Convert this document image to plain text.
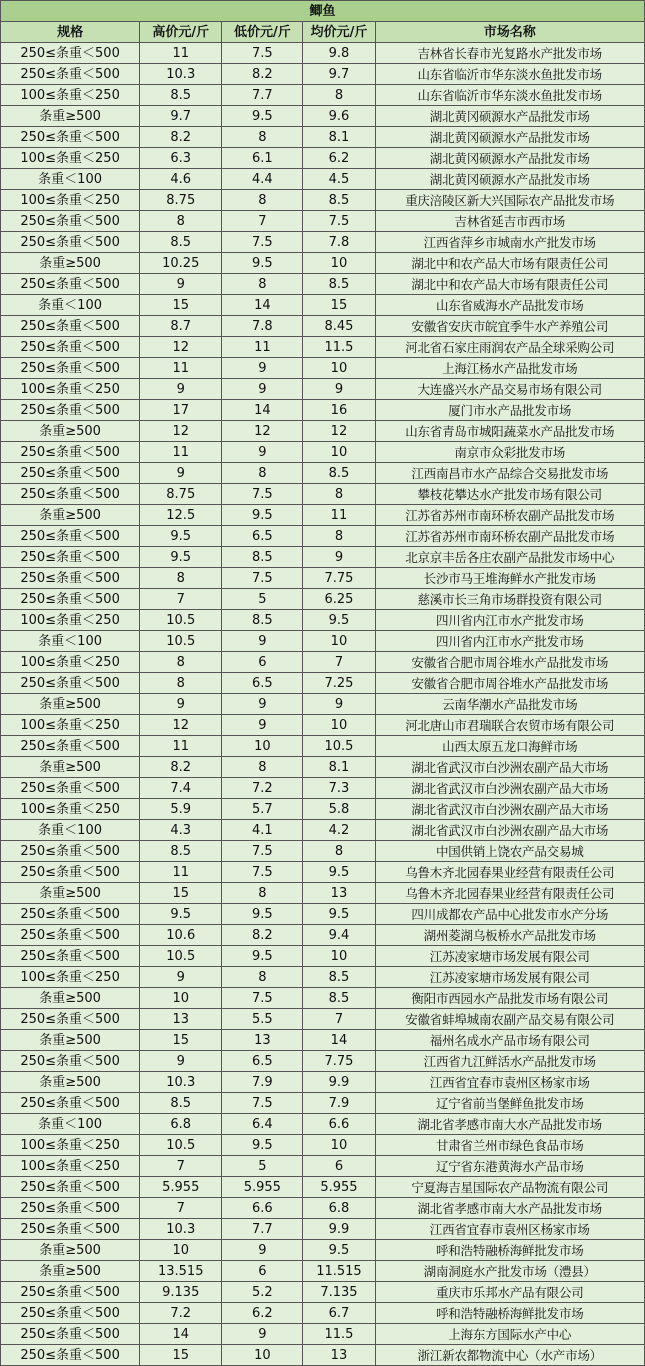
鲫鱼				
规格	高价元/斤	低价元/斤	均价元/斤	市场名称
250≤条重＜500	11	7.5	9.8	吉林省长春市光复路水产批发市场
250≤条重＜500	10.3	8.2	9.7	山东省临沂市华东淡水鱼批发市场
100≤条重＜250	8.5	7.7	8	山东省临沂市华东淡水鱼批发市场
条重≥500	9.7	9.5	9.6	湖北黄冈硕源水产品批发市场
250≤条重＜500	8.2	8	8.1	湖北黄冈硕源水产品批发市场
100≤条重＜250	6.3	6.1	6.2	湖北黄冈硕源水产品批发市场
条重＜100	4.6	4.4	4.5	湖北黄冈硕源水产品批发市场
100≤条重＜250	8.75	8	8.5	重庆涪陵区新大兴国际农产品批发市场
250≤条重＜500	8	7	7.5	吉林省延吉市西市场
250≤条重＜500	8.5	7.5	7.8	江西省萍乡市城南水产批发市场
条重≥500	10.25	9.5	10	湖北中和农产品大市场有限责任公司
250≤条重＜500	9	8	8.5	湖北中和农产品大市场有限责任公司
条重＜100	15	14	15	山东省威海水产品批发市场
250≤条重＜500	8.7	7.8	8.45	安徽省安庆市皖宜季牛水产养殖公司
250≤条重＜500	12	11	11.5	河北省石家庄雨润农产品全球采购公司
250≤条重＜500	11	9	10	上海江杨水产品批发市场
100≤条重＜250	9	9	9	大连盛兴水产品交易市场有限公司
250≤条重＜500	17	14	16	厦门市水产品批发市场
条重≥500	12	12	12	山东省青岛市城阳蔬菜水产品批发市场
250≤条重＜500	11	9	10	南京市众彩批发市场
250≤条重＜500	9	8	8.5	江西南昌市水产品综合交易批发市场
250≤条重＜500	8.75	7.5	8	攀枝花攀达水产批发市场有限公司
条重≥500	12.5	9.5	11	江苏省苏州市南环桥农副产品批发市场
250≤条重＜500	9.5	6.5	8	江苏省苏州市南环桥农副产品批发市场
250≤条重＜500	9.5	8.5	9	北京京丰岳各庄农副产品批发市场中心
250≤条重＜500	8	7.5	7.75	长沙市马王堆海鲜水产批发市场
250≤条重＜500	7	5	6.25	慈溪市长三角市场群投资有限公司
100≤条重＜250	10.5	8.5	9.5	四川省内江市水产批发市场
条重＜100	10.5	9	10	四川省内江市水产批发市场
100≤条重＜250	8	6	7	安徽省合肥市周谷堆水产品批发市场
250≤条重＜500	8	6.5	7.25	安徽省合肥市周谷堆水产品批发市场
条重≥500	9	9	9	云南华潮水产品批发市场
100≤条重＜250	12	9	10	河北唐山市君瑞联合农贸市场有限公司
250≤条重＜500	11	10	10.5	山西太原五龙口海鲜市场
条重≥500	8.2	8	8.1	湖北省武汉市白沙洲农副产品大市场
250≤条重＜500	7.4	7.2	7.3	湖北省武汉市白沙洲农副产品大市场
100≤条重＜250	5.9	5.7	5.8	湖北省武汉市白沙洲农副产品大市场
条重＜100	4.3	4.1	4.2	湖北省武汉市白沙洲农副产品大市场
250≤条重＜500	8.5	7.5	8	中国供销上饶农产品交易城
250≤条重＜500	11	7.5	9.5	乌鲁木齐北园春果业经营有限责任公司
条重≥500	15	8	13	乌鲁木齐北园春果业经营有限责任公司
250≤条重＜500	9.5	9.5	9.5	四川成都农产品中心批发市水产分场
250≤条重＜500	10.6	8.2	9.4	湖州菱湖乌板桥水产品批发市场
250≤条重＜500	10.5	9.5	10	江苏凌家塘市场发展有限公司
100≤条重＜250	9	8	8.5	江苏凌家塘市场发展有限公司
条重≥500	10	7.5	8.5	衡阳市西园水产品批发市场有限公司
250≤条重＜500	13	5.5	7	安徽省蚌埠城南农副产品交易有限公司
条重≥500	15	13	14	福州名成水产品市场有限公司
250≤条重＜500	9	6.5	7.75	江西省九江鲜活水产品批发市场
条重≥500	10.3	7.9	9.9	江西省宜春市袁州区杨家市场
250≤条重＜500	8.5	7.5	7.9	辽宁省前当堡鲜鱼批发市场
条重＜100	6.8	6.4	6.6	湖北省孝感市南大水产品批发市场
100≤条重＜250	10.5	9.5	10	甘肃省兰州市绿色食品市场
100≤条重＜250	7	5	6	辽宁省东港黄海水产品市场
250≤条重＜500	5.955	5.955	5.955	宁夏海吉星国际农产品物流有限公司
250≤条重＜500	7	6.6	6.8	湖北省孝感市南大水产品批发市场
250≤条重＜500	10.3	7.7	9.9	江西省宜春市袁州区杨家市场
条重≥500	10	9	9.5	呼和浩特融桥海鲜批发市场
条重≥500	13.515	6	11.515	湖南洞庭水产批发市场（澧县）
250≤条重＜500	9.135	5.2	7.135	重庆市乐邦水产品有限公司
250≤条重＜500	7.2	6.2	6.7	呼和浩特融桥海鲜批发市场
250≤条重＜500	14	9	11.5	上海东方国际水产中心
250≤条重＜500	15	10	13	浙江新农都物流中心（水产市场）
